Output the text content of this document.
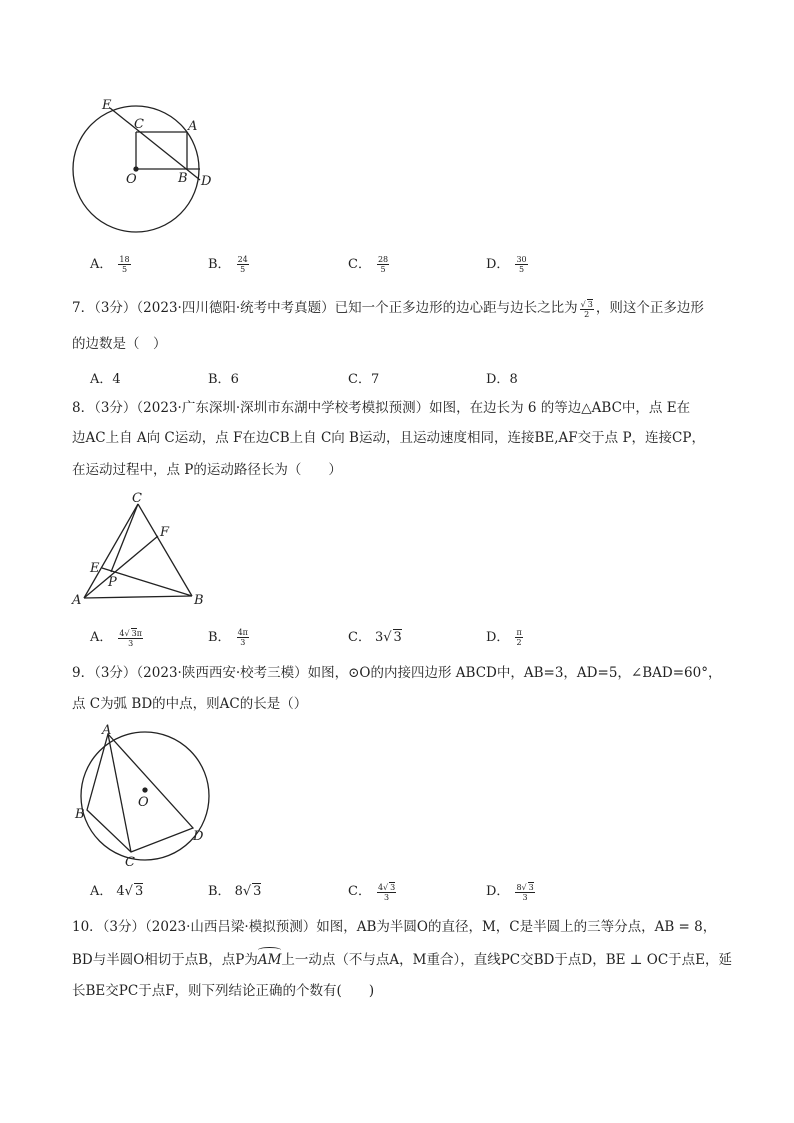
E
C	A
O	B D
A． $\frac{18}{5}$	B． $\frac{24}{5}$	C． $\frac{28}{5}$	D． $\frac{30}{5}$
7．（3分）（2023·四川德阳·统考中考真题）已知一个正多边形的边心距与边长之比为 $\frac{√ 3}{2}$ ，则这个正多边形
的边数是（　）
A．4	B．6	C．7	D．8
8．（3分）（2023·广东深圳·深圳市东湖中学校考模拟预测）如图，在边长为 6 的等边△ABC中，点 E在
边AC上自 A向 C运动，点 F在边CB上自 C向 B运动，且运动速度相同，连接BE,AF交于点 P，连接CP，
在运动过程中，点 P的运动路径长为（　　）
C
F
E
P
A	B
A． $\frac{4√ 3\pi}{3}$	B． $\frac{4\pi}{3}$	C． 3√ 3	D． $\frac{\pi}{2}$
9．（3分）（2023·陕西西安·校考三模）如图，⊙O的内接四边形 ABCD中，AB=3，AD=5，∠BAD=60°，
点 C为弧 BD的中点，则AC的长是（）
A
O
B
C
D
A． 4√ 3	B． 8√ 3	C． $\frac{4√ 3}{3}$	D． $\frac{8√ 3}{3}$
10．（3分）（2023·山西吕梁·模拟预测）如图，AB为半圆O的直径，M，C是半圆上的三等分点，AB = 8，
BD与半圆O相切于点B，点P为
AM上一动点（不与点A，M重合），直线PC交BD于点D，BE ⊥ OC于点E，延
长BE交PC于点F，则下列结论正确的个数有(　　)
